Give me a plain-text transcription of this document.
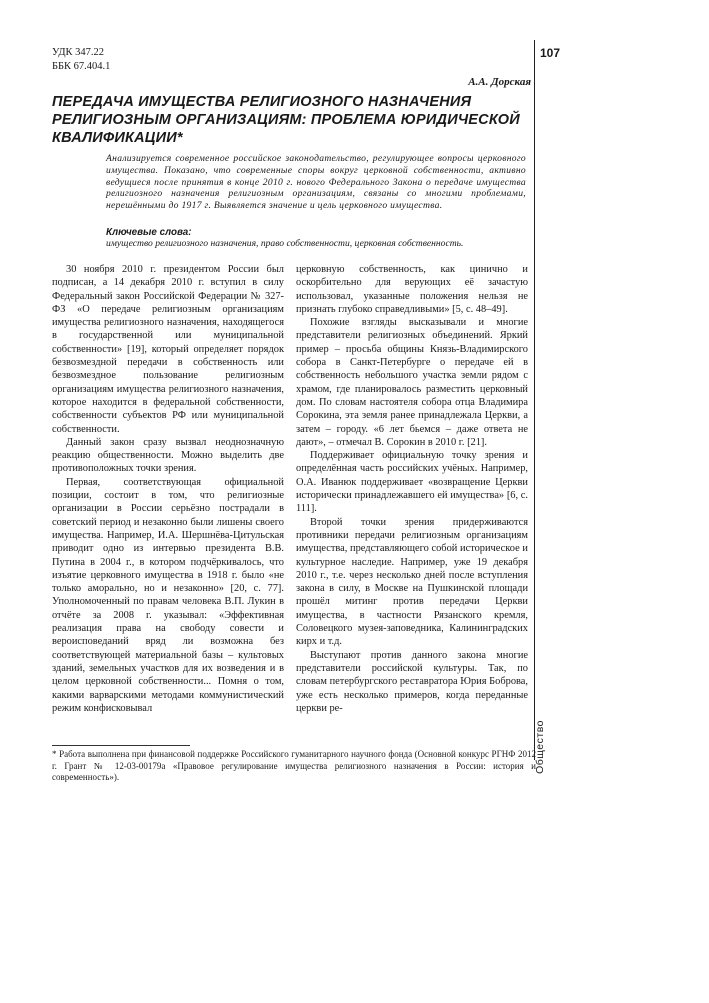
УДК 347.22
ББК 67.404.1
107
А.А. Дорская
ПЕРЕДАЧА ИМУЩЕСТВА РЕЛИГИОЗНОГО НАЗНАЧЕНИЯ РЕЛИГИОЗНЫМ ОРГАНИЗАЦИЯМ: ПРОБЛЕМА ЮРИДИЧЕСКОЙ КВАЛИФИКАЦИИ*
Анализируется современное российское законодательство, регулирующее вопросы церковного имущества. Показано, что современные споры вокруг церковной собственности, активно ведущиеся после принятия в конце 2010 г. нового Федерального Закона о передаче имущества религиозного назначения религиозным организациям, связаны со многими проблемами, нерешёнными до 1917 г. Выявляется значение и цель церковного имущества.
Ключевые слова:
имущество религиозного назначения, право собственности, церковная собственность.

30 ноября 2010 г. президентом России был подписан, а 14 декабря 2010 г. вступил в силу Федеральный закон Российской Федерации № 327-ФЗ «О передаче религиозным организациям имущества религиозного назначения, находящегося в государственной или муниципальной собственности» [19], который определяет порядок безвозмездной передачи в собственность или безвозмездное пользование религиозным организациям имущества религиозного назначения, которое находится в федеральной собственности, собственности субъектов РФ или муниципальной собственности.

Данный закон сразу вызвал неоднозначную реакцию общественности. Можно выделить две противоположных точки зрения.

Первая, соответствующая официальной позиции, состоит в том, что религиозные организации в России серьёзно пострадали в советский период и незаконно были лишены своего имущества. Например, И.А. Шершнёва-Цитульская приводит одно из интервью президента В.В. Путина в 2004 г., в котором подчёркивалось, что изъятие церковного имущества в 1918 г. было «не только аморально, но и незаконно» [20, с. 77]. Уполномоченный по правам человека В.П. Лукин в отчёте за 2008 г. указывал: «Эффективная реализация права на свободу совести и вероисповеданий вряд ли возможна без соответствующей материальной базы – культовых зданий, земельных участков для их возведения и в целом церковной собственности... Помня о том, какими варварскими методами коммунистический режим конфисковывал

церковную собственность, как цинично и оскорбительно для верующих её зачастую использовал, указанные положения нельзя не признать глубоко справедливыми» [5, с. 48–49].

Похожие взгляды высказывали и многие представители религиозных объединений. Яркий пример – просьба общины Князь-Владимирского собора в Санкт-Петербурге о передаче ей в собственность небольшого участка земли рядом с храмом, где планировалось разместить церковный дом. По словам настоятеля собора отца Владимира Сорокина, эта земля ранее принадлежала Церкви, а затем – городу. «6 лет бьемся – даже ответа не дают», – отмечал В. Сорокин в 2010 г. [21].

Поддерживает официальную точку зрения и определённая часть российских учёных. Например, О.А. Иванюк поддерживает «возвращение Церкви исторически принадлежавшего ей имущества» [6, с. 111].

Второй точки зрения придерживаются противники передачи религиозным организациям имущества, представляющего собой историческое и культурное наследие. Например, уже 19 декабря 2010 г., т.е. через несколько дней после вступления закона в силу, в Москве на Пушкинской площади прошёл митинг против передачи Церкви имущества, в частности Рязанского кремля, Соловецкого музея-заповедника, Калининградских кирх и т.д.

Выступают против данного закона многие представители российской культуры. Так, по словам петербургского реставратора Юрия Боброва, уже есть несколько примеров, когда переданные церкви ре-

* Работа выполнена при финансовой поддержке Российского гуманитарного научного фонда (Основной конкурс РГНФ 2012 г. Грант № 12-03-00179а «Правовое регулирование имущества религиозного назначения в России: история и современность»).
Общество
